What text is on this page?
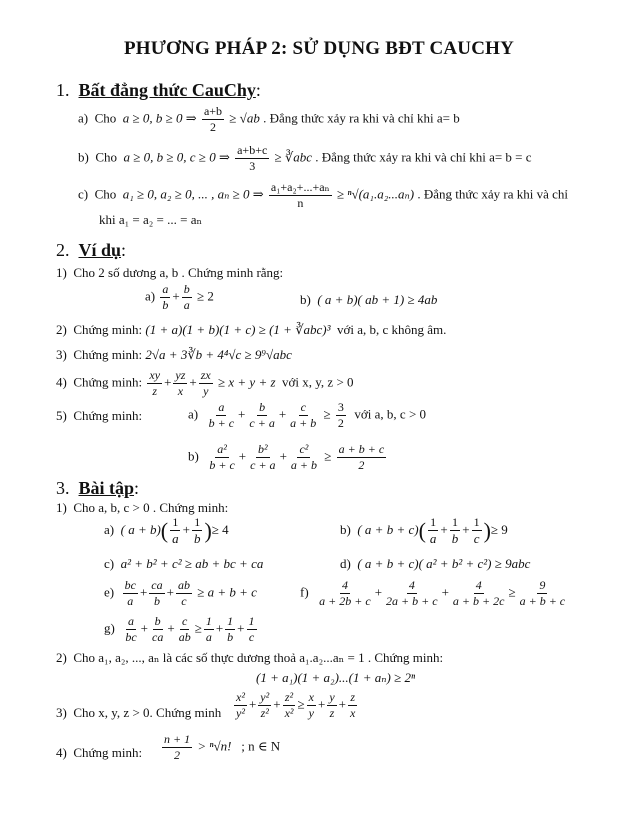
PHƯƠNG PHÁP 2: SỬ DỤNG BĐT CAUCHY
1. Bất đẳng thức CauChy:
a) Cho a ≥ 0, b ≥ 0 ⇒ $\frac{a+b}{2} \ge √ab$ . Đẳng thức xảy ra khi và chỉ khi a= b
b) Cho a ≥ 0, b ≥ 0, c ≥ 0 ⇒ $\frac{a+b+c}{3}$ ≥ ∛abc . Đẳng thức xảy ra khi và chỉ khi a= b = c
c) Cho a₁ ≥ 0, a₂ ≥ 0, ... , aₙ ≥ 0 ⇒ $\frac{\text{a₁+a₂+...+aₙ}}{n} \ge ^n√(a_1.a_2...a_n)$ . Đẳng thức xảy ra khi và chỉ
khi a₁ = a₂ = ... = aₙ
2. Ví dụ:
1) Cho 2 số dương a, b . Chứng minh rằng:
$a) \frac{a}{b} + \frac{b}{a} \ge 2$	b) ( a + b)( ab + 1) ≥ 4ab
2) Chứng minh: (1 + a)(1 + b)(1 + c) ≥ (1 + ∛abc)³ với a, b, c không âm.
3) Chứng minh: 2√a + 3∛b + 4⁴√c ≥ 9⁹√abc
4) Chứng minh: $\frac{xy}{z} + \frac{yz}{x} + \frac{zx}{y} \ge x + y + z$ với x, y, z > 0
5) Chứng minh:	$a) \frac{a}{b + c} + \frac{b}{c + a} + \frac{c}{a + b} \ge \frac{3}{2}$ với a, b, c > 0
$b) \frac{\text{a²}}{b + c} + \frac{\text{b²}}{c + a} + \frac{\text{c²}}{a + b} \ge \frac{a + b + c}{2}$
3. Bài tập:
1) Cho a, b, c > 0 . Chứng minh:
a) ( $a + b)( \frac{1}{a} + \frac{1}{b}$ )≥ 4	b) ( $a + b + c)( \frac{1}{a} + \frac{1}{b} + \frac{1}{c}$ )≥ 9
c) a² + b² + c² ≥ ab + bc + ca	d) ( a + b + c)( a² + b² + c²) ≥ 9abc
$e) \frac{bc}{a} + \frac{ca}{b} + \frac{ab}{c} \ge a + b + c$	$f) \frac{4}{a + 2b + c} + \frac{4}{2a + b + c} + \frac{4}{a + b + 2c} \ge \frac{9}{a + b + c}$
$g) \frac{a}{bc} + \frac{b}{ca} + \frac{c}{ab} \ge \frac{1}{a} + \frac{1}{b} + \frac{1}{c}$
2) Cho a₁, a₂, ..., aₙ là các số thực dương thoả a₁.a₂...aₙ = 1 . Chứng minh:
(1 + a₁)(1 + a₂)...(1 + aₙ) ≥ 2ⁿ
3) Cho x, y, z > 0. Chứng minh $\frac{\text{x²}}{\text{y²}} + \frac{\text{y²}}{\text{z²}} + \frac{\text{z²}}{\text{x²}} \ge \frac{x}{y} + \frac{y}{z} + \frac{z}{x}$
4) Chứng minh: $\frac{n + 1}{2} > ^n√n$! ; n ∈ N
